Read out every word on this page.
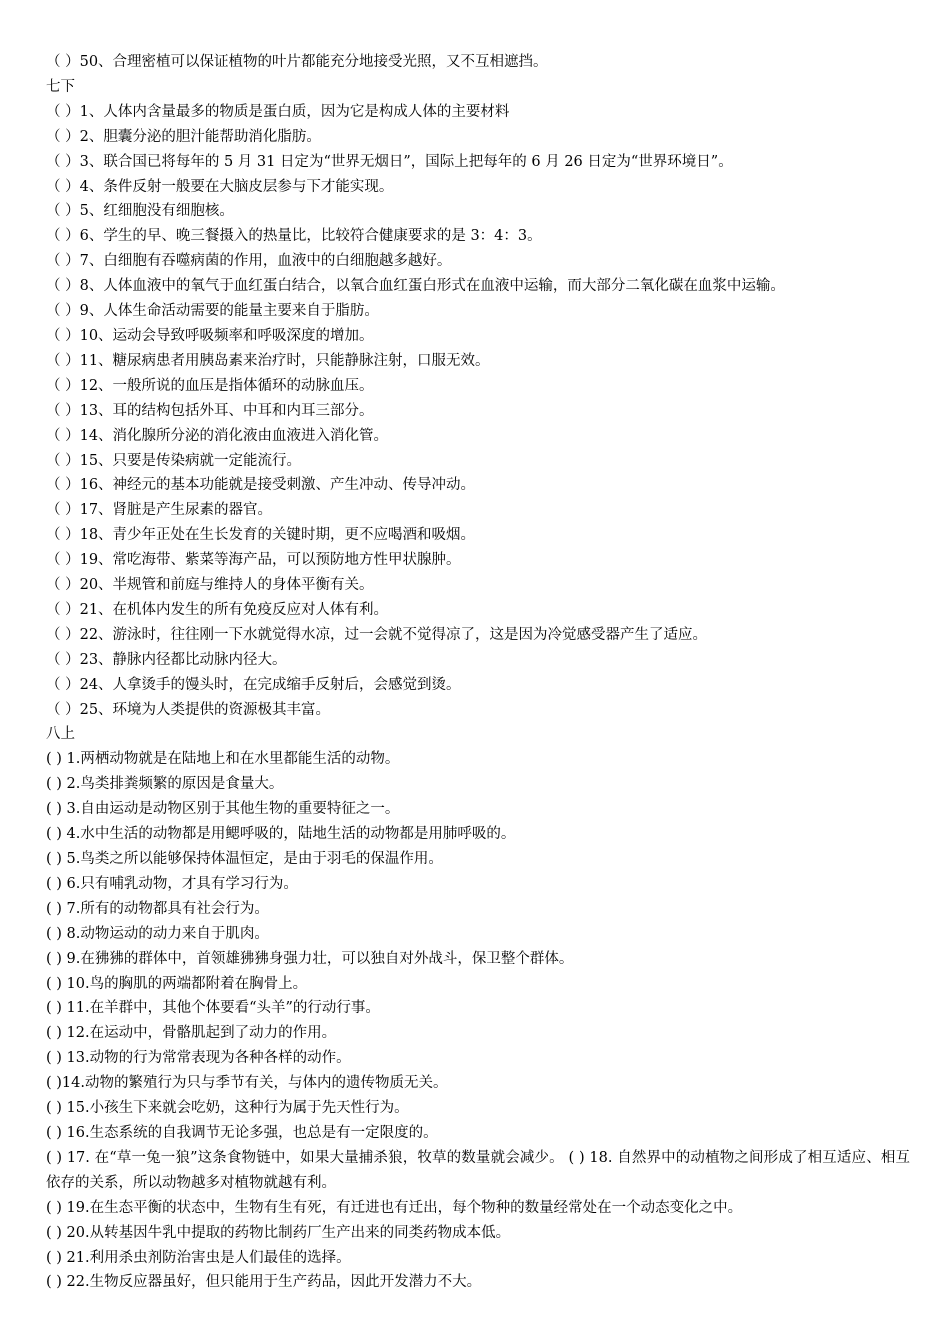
（ ）50、合理密植可以保证植物的叶片都能充分地接受光照，又不互相遮挡。
七下
（ ）1、人体内含量最多的物质是蛋白质，因为它是构成人体的主要材料
（ ）2、胆囊分泌的胆汁能帮助消化脂肪。
（ ）3、联合国已将每年的 5 月 31 日定为“世界无烟日”，国际上把每年的 6 月 26 日定为“世界环境日”。
（ ）4、条件反射一般要在大脑皮层参与下才能实现。
（ ）5、红细胞没有细胞核。
（ ）6、学生的早、晚三餐摄入的热量比，比较符合健康要求的是 3：4：3。
（ ）7、白细胞有吞噬病菌的作用，血液中的白细胞越多越好。
（ ）8、人体血液中的氧气于血红蛋白结合，以氧合血红蛋白形式在血液中运输，而大部分二氧化碳在血浆中运输。
（ ）9、人体生命活动需要的能量主要来自于脂肪。
（ ）10、运动会导致呼吸频率和呼吸深度的增加。
（ ）11、糖尿病患者用胰岛素来治疗时，只能静脉注射，口服无效。
（ ）12、一般所说的血压是指体循环的动脉血压。
（ ）13、耳的结构包括外耳、中耳和内耳三部分。
（ ）14、消化腺所分泌的消化液由血液进入消化管。
（ ）15、只要是传染病就一定能流行。
（ ）16、神经元的基本功能就是接受刺激、产生冲动、传导冲动。
（ ）17、肾脏是产生尿素的器官。
（ ）18、青少年正处在生长发育的关键时期，更不应喝酒和吸烟。
（ ）19、常吃海带、紫菜等海产品，可以预防地方性甲状腺肿。
（ ）20、半规管和前庭与维持人的身体平衡有关。
（ ）21、在机体内发生的所有免疫反应对人体有利。
（ ）22、游泳时，往往刚一下水就觉得水凉，过一会就不觉得凉了，这是因为冷觉感受器产生了适应。
（ ）23、静脉内径都比动脉内径大。
（ ）24、人拿烫手的馒头时，在完成缩手反射后，会感觉到烫。
（ ）25、环境为人类提供的资源极其丰富。
八上
( ) 1.两栖动物就是在陆地上和在水里都能生活的动物。
( ) 2.鸟类排粪频繁的原因是食量大。
( ) 3.自由运动是动物区别于其他生物的重要特征之一。
( ) 4.水中生活的动物都是用鳃呼吸的，陆地生活的动物都是用肺呼吸的。
( ) 5.鸟类之所以能够保持体温恒定，是由于羽毛的保温作用。
( ) 6.只有哺乳动物，才具有学习行为。
( ) 7.所有的动物都具有社会行为。
( ) 8.动物运动的动力来自于肌肉。
( ) 9.在狒狒的群体中，首领雄狒狒身强力壮，可以独自对外战斗，保卫整个群体。
( ) 10.鸟的胸肌的两端都附着在胸骨上。
( ) 11.在羊群中，其他个体要看“头羊”的行动行事。
( ) 12.在运动中，骨骼肌起到了动力的作用。
( ) 13.动物的行为常常表现为各种各样的动作。
( )14.动物的繁殖行为只与季节有关，与体内的遗传物质无关。
( ) 15.小孩生下来就会吃奶，这种行为属于先天性行为。
( ) 16.生态系统的自我调节无论多强，也总是有一定限度的。
( ) 17. 在“草一兔一狼”这条食物链中，如果大量捕杀狼，牧草的数量就会减少。 ( ) 18. 自然界中的动植物之间形成了相互适应、相互依存的关系，所以动物越多对植物就越有利。
( ) 19.在生态平衡的状态中，生物有生有死，有迁进也有迁出，每个物种的数量经常处在一个动态变化之中。
( ) 20.从转基因牛乳中提取的药物比制药厂生产出来的同类药物成本低。
( ) 21.利用杀虫剂防治害虫是人们最佳的选择。
( ) 22.生物反应器虽好，但只能用于生产药品，因此开发潜力不大。
